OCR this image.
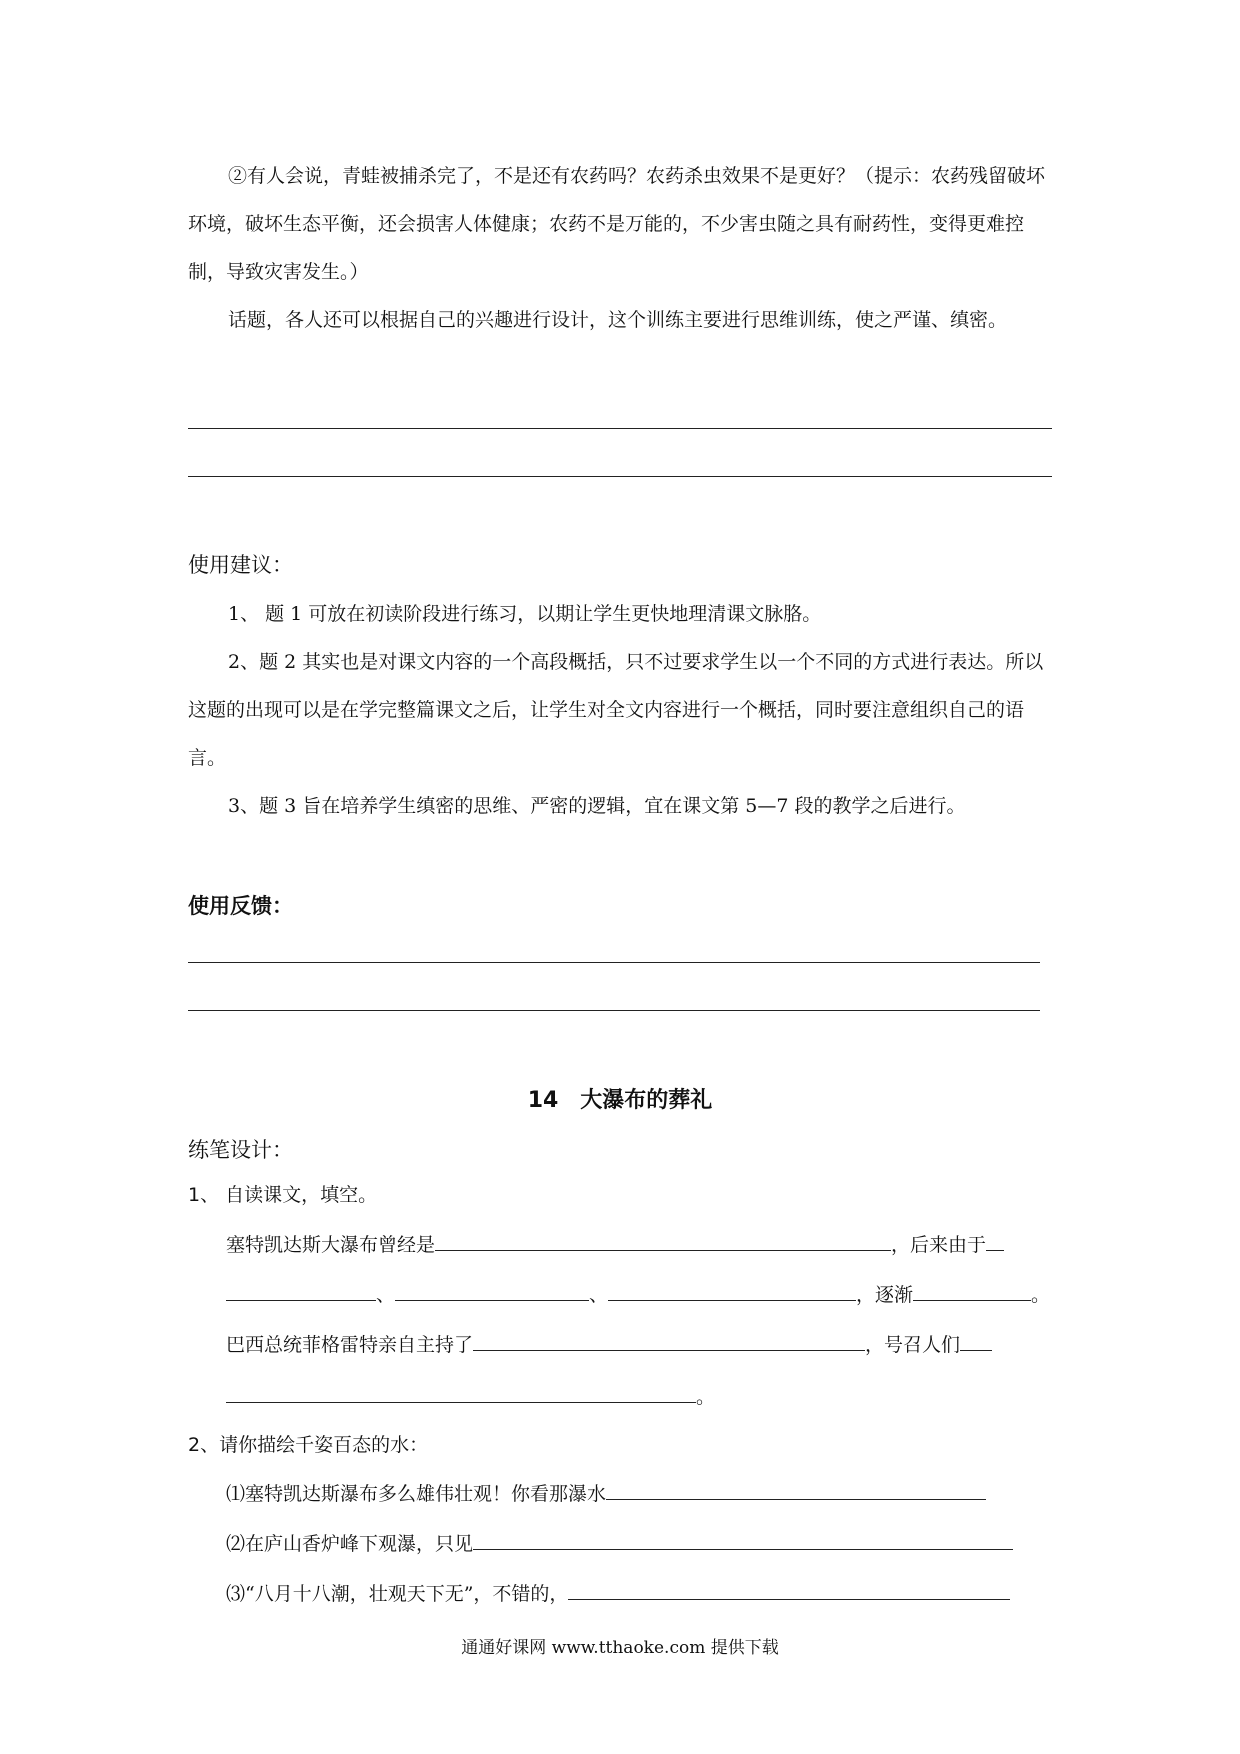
②有人会说，青蛙被捕杀完了，不是还有农药吗？农药杀虫效果不是更好？（提示：农药残留破坏环境，破坏生态平衡，还会损害人体健康；农药不是万能的，不少害虫随之具有耐药性，变得更难控制，导致灾害发生。）
话题，各人还可以根据自己的兴趣进行设计，这个训练主要进行思维训练，使之严谨、缜密。
使用建议：
1、 题 1 可放在初读阶段进行练习，以期让学生更快地理清课文脉胳。
2、题 2 其实也是对课文内容的一个高段概括，只不过要求学生以一个不同的方式进行表达。所以这题的出现可以是在学完整篇课文之后，让学生对全文内容进行一个概括，同时要注意组织自己的语言。
3、题 3 旨在培养学生缜密的思维、严密的逻辑，宜在课文第 5—7 段的教学之后进行。
使用反馈：
14　大瀑布的葬礼
练笔设计：
1、 自读课文，填空。
塞特凯达斯大瀑布曾经是	，后来由于
、	、	，逐渐	。
巴西总统菲格雷特亲自主持了	，号召人们
。
2、请你描绘千姿百态的水：
⑴塞特凯达斯瀑布多么雄伟壮观！你看那瀑水
⑵在庐山香炉峰下观瀑，只见
⑶“八月十八潮，壮观天下无”，不错的，
通通好课网 www.tthaoke.com 提供下载
